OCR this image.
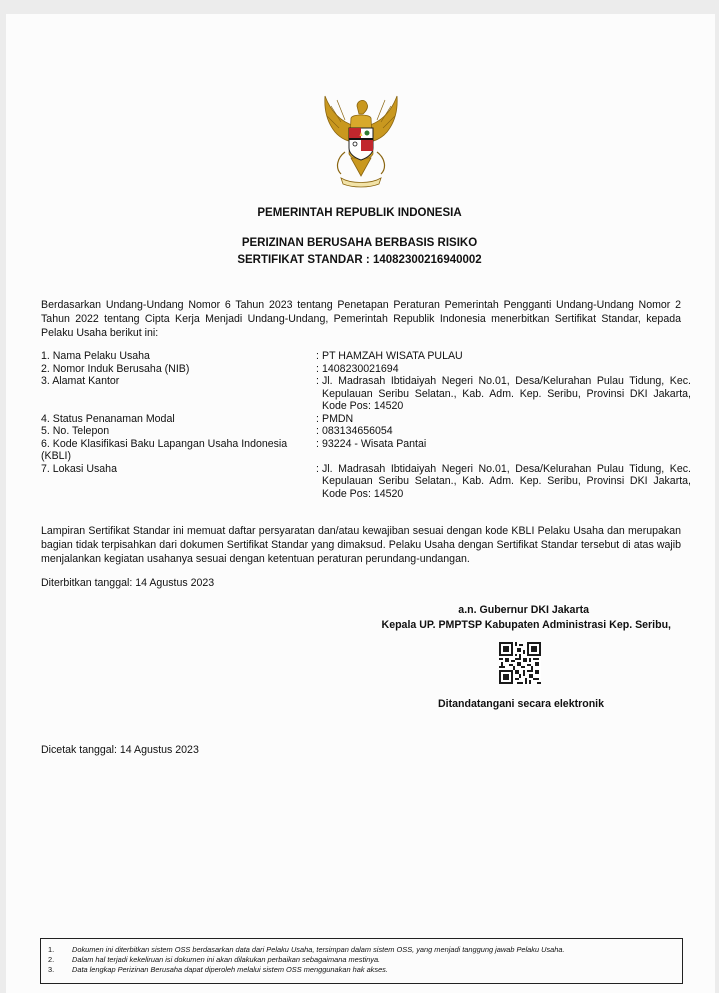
PEMERINTAH REPUBLIK INDONESIA
PERIZINAN BERUSAHA BERBASIS RISIKO
SERTIFIKAT STANDAR : 14082300216940002
Berdasarkan Undang-Undang Nomor 6 Tahun 2023 tentang Penetapan Peraturan Pemerintah Pengganti Undang-Undang Nomor 2 Tahun 2022 tentang Cipta Kerja Menjadi Undang-Undang, Pemerintah Republik Indonesia menerbitkan Sertifikat Standar, kepada Pelaku Usaha berikut ini:
1. Nama Pelaku Usaha	: PT HAMZAH WISATA PULAU
2. Nomor Induk Berusaha (NIB)	: 1408230021694
3. Alamat Kantor	: Jl. Madrasah Ibtidaiyah Negeri No.01, Desa/Kelurahan Pulau Tidung, Kec. Kepulauan Seribu Selatan., Kab. Adm. Kep. Seribu, Provinsi DKI Jakarta, Kode Pos: 14520
4. Status Penanaman Modal	: PMDN
5. No. Telepon	: 083134656054
6. Kode Klasifikasi Baku Lapangan Usaha Indonesia (KBLI)
: 93224 - Wisata Pantai
7. Lokasi Usaha	: Jl. Madrasah Ibtidaiyah Negeri No.01, Desa/Kelurahan Pulau Tidung, Kec. Kepulauan Seribu Selatan., Kab. Adm. Kep. Seribu, Provinsi DKI Jakarta, Kode Pos: 14520
Lampiran Sertifikat Standar ini memuat daftar persyaratan dan/atau kewajiban sesuai dengan kode KBLI Pelaku Usaha dan merupakan bagian tidak terpisahkan dari dokumen Sertifikat Standar yang dimaksud. Pelaku Usaha dengan Sertifikat Standar tersebut di atas wajib menjalankan kegiatan usahanya sesuai dengan ketentuan peraturan perundang-undangan.
Diterbitkan tanggal: 14 Agustus 2023
a.n. Gubernur DKI Jakarta
Kepala UP. PMPTSP Kabupaten Administrasi Kep. Seribu,
Ditandatangani secara elektronik
Dicetak tanggal: 14 Agustus 2023
1.	Dokumen ini diterbitkan sistem OSS berdasarkan data dari Pelaku Usaha, tersimpan dalam sistem OSS, yang menjadi tanggung jawab Pelaku Usaha.
2.	Dalam hal terjadi kekeliruan isi dokumen ini akan dilakukan perbaikan sebagaimana mestinya.
3.	Data lengkap Perizinan Berusaha dapat diperoleh melalui sistem OSS menggunakan hak akses.
